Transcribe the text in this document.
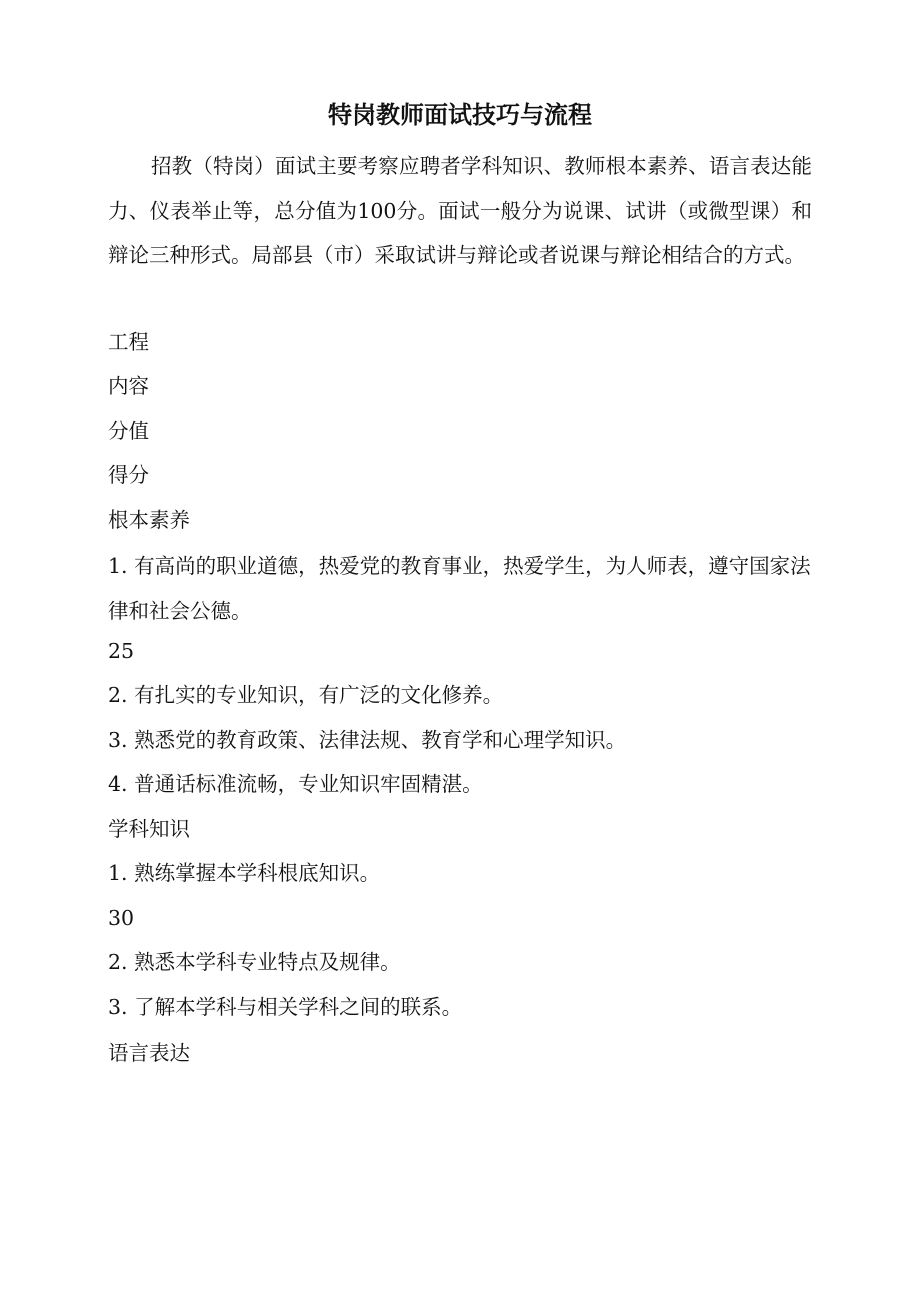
特岗教师面试技巧与流程
招教（特岗）面试主要考察应聘者学科知识、教师根本素养、语言表达能力、仪表举止等，总分值为100分。面试一般分为说课、试讲（或微型课）和辩论三种形式。局部县（市）采取试讲与辩论或者说课与辩论相结合的方式。
工程
内容
分值
得分
根本素养
1. 有高尚的职业道德，热爱党的教育事业，热爱学生，为人师表，遵守国家法律和社会公德。
25
2. 有扎实的专业知识，有广泛的文化修养。
3. 熟悉党的教育政策、法律法规、教育学和心理学知识。
4. 普通话标准流畅，专业知识牢固精湛。
学科知识
1. 熟练掌握本学科根底知识。
30
2. 熟悉本学科专业特点及规律。
3. 了解本学科与相关学科之间的联系。
语言表达
